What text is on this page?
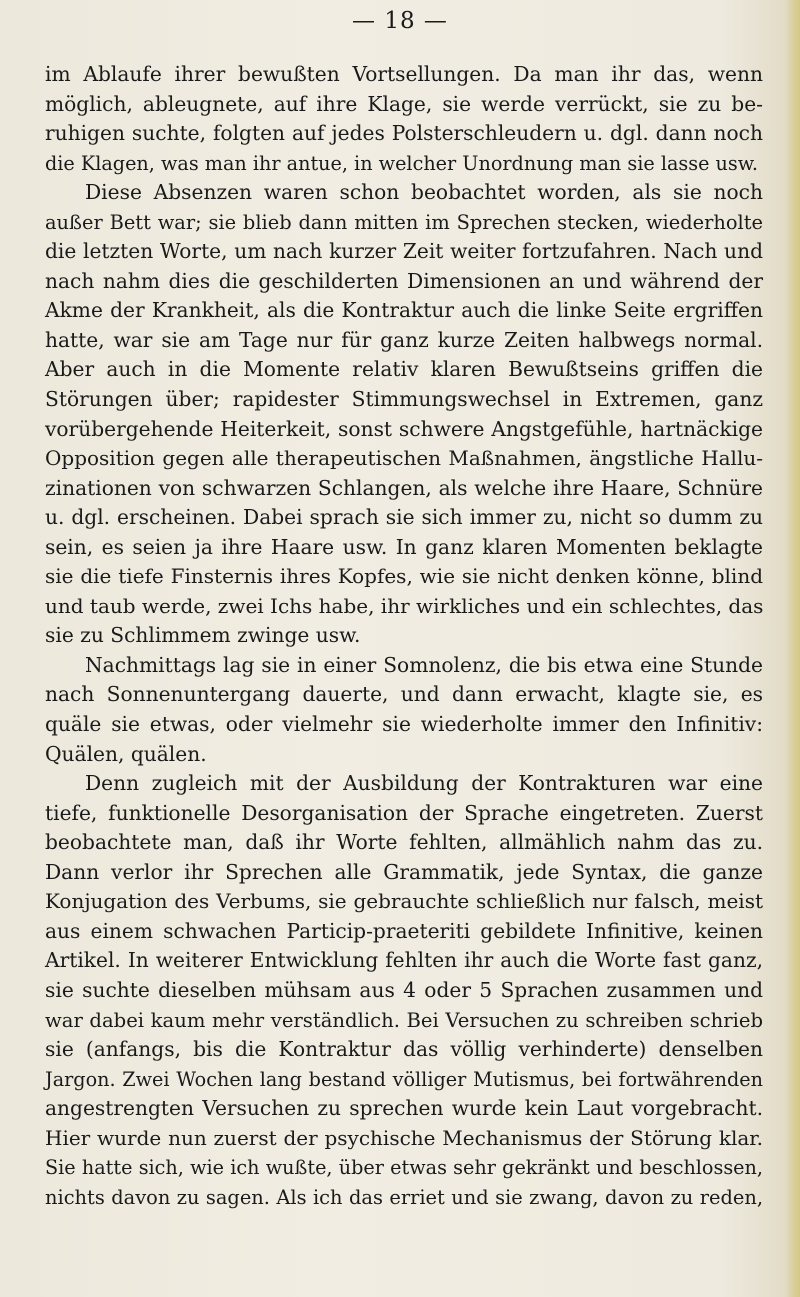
— 18 —
im Ablaufe ihrer bewußten Vortsellungen. Da man ihr das, wenn
möglich, ableugnete, auf ihre Klage, sie werde verrückt, sie zu be-
ruhigen suchte, folgten auf jedes Polsterschleudern u. dgl. dann noch
die Klagen, was man ihr antue, in welcher Unordnung man sie lasse usw.
Diese Absenzen waren schon beobachtet worden, als sie noch
außer Bett war; sie blieb dann mitten im Sprechen stecken, wiederholte
die letzten Worte, um nach kurzer Zeit weiter fortzufahren. Nach und
nach nahm dies die geschilderten Dimensionen an und während der
Akme der Krankheit, als die Kontraktur auch die linke Seite ergriffen
hatte, war sie am Tage nur für ganz kurze Zeiten halbwegs normal.
Aber auch in die Momente relativ klaren Bewußtseins griffen die
Störungen über; rapidester Stimmungswechsel in Extremen, ganz
vorübergehende Heiterkeit, sonst schwere Angstgefühle, hartnäckige
Opposition gegen alle therapeutischen Maßnahmen, ängstliche Hallu-
zinationen von schwarzen Schlangen, als welche ihre Haare, Schnüre
u. dgl. erscheinen. Dabei sprach sie sich immer zu, nicht so dumm zu
sein, es seien ja ihre Haare usw. In ganz klaren Momenten beklagte
sie die tiefe Finsternis ihres Kopfes, wie sie nicht denken könne, blind
und taub werde, zwei Ichs habe, ihr wirkliches und ein schlechtes, das
sie zu Schlimmem zwinge usw.
Nachmittags lag sie in einer Somnolenz, die bis etwa eine Stunde
nach Sonnenuntergang dauerte, und dann erwacht, klagte sie, es
quäle sie etwas, oder vielmehr sie wiederholte immer den Infinitiv:
Quälen, quälen.
Denn zugleich mit der Ausbildung der Kontrakturen war eine
tiefe, funktionelle Desorganisation der Sprache eingetreten. Zuerst
beobachtete man, daß ihr Worte fehlten, allmählich nahm das zu.
Dann verlor ihr Sprechen alle Grammatik, jede Syntax, die ganze
Konjugation des Verbums, sie gebrauchte schließlich nur falsch, meist
aus einem schwachen Particip-praeteriti gebildete Infinitive, keinen
Artikel. In weiterer Entwicklung fehlten ihr auch die Worte fast ganz,
sie suchte dieselben mühsam aus 4 oder 5 Sprachen zusammen und
war dabei kaum mehr verständlich. Bei Versuchen zu schreiben schrieb
sie (anfangs, bis die Kontraktur das völlig verhinderte) denselben
Jargon. Zwei Wochen lang bestand völliger Mutismus, bei fortwährenden
angestrengten Versuchen zu sprechen wurde kein Laut vorgebracht.
Hier wurde nun zuerst der psychische Mechanismus der Störung klar.
Sie hatte sich, wie ich wußte, über etwas sehr gekränkt und beschlossen,
nichts davon zu sagen. Als ich das erriet und sie zwang, davon zu reden,
